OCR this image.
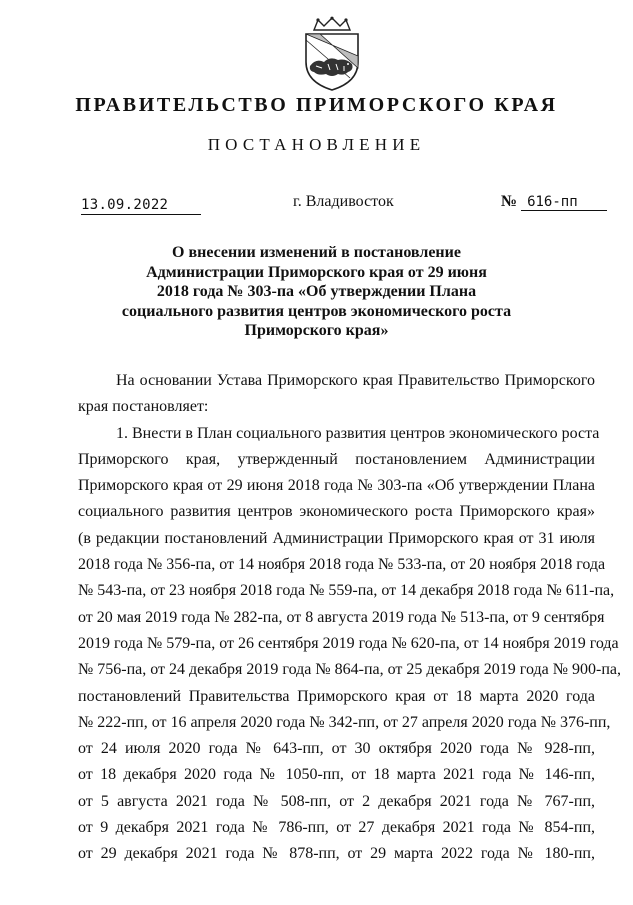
ПРАВИТЕЛЬСТВО ПРИМОРСКОГО КРАЯ
ПОСТАНОВЛЕНИЕ
13.09.2022	г. Владивосток	№ 616-пп
О внесении изменений в постановление
Администрации Приморского края от 29 июня
2018 года № 303-па «Об утверждении Плана
социального развития центров экономического роста
Приморского края»
На основании Устава Приморского края Правительство Приморского
края постановляет:
1. Внести в План социального развития центров экономического роста
Приморского края, утвержденный постановлением Администрации
Приморского края от 29 июня 2018 года № 303-па «Об утверждении Плана
социального развития центров экономического роста Приморского края»
(в редакции постановлений Администрации Приморского края от 31 июля
2018 года № 356-па, от 14 ноября 2018 года № 533-па, от 20 ноября 2018 года
№ 543-па, от 23 ноября 2018 года № 559-па, от 14 декабря 2018 года № 611-па,
от 20 мая 2019 года № 282-па, от 8 августа 2019 года № 513-па, от 9 сентября
2019 года № 579-па, от 26 сентября 2019 года № 620-па, от 14 ноября 2019 года
№ 756-па, от 24 декабря 2019 года № 864-па, от 25 декабря 2019 года № 900-па,
постановлений Правительства Приморского края от 18 марта 2020 года
№ 222-пп, от 16 апреля 2020 года № 342-пп, от 27 апреля 2020 года № 376-пп,
от 24 июля 2020 года № 643-пп, от 30 октября 2020 года № 928-пп,
от 18 декабря 2020 года № 1050-пп, от 18 марта 2021 года № 146-пп,
от 5 августа 2021 года № 508-пп, от 2 декабря 2021 года № 767-пп,
от 9 декабря 2021 года № 786-пп, от 27 декабря 2021 года № 854-пп,
от 29 декабря 2021 года № 878-пп, от 29 марта 2022 года № 180-пп,
